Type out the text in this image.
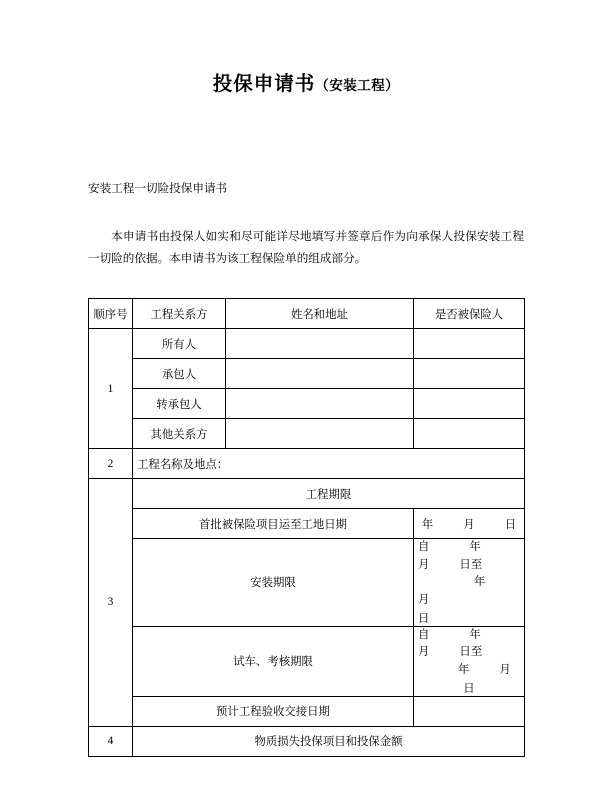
投保申请书（安装工程）
安装工程一切险投保申请书

本申请书由投保人如实和尽可能详尽地填写并签章后作为向承保人投保安装工程一切险的依据。本申请书为该工程保险单的组成部分。

顺序号	工程关系方	姓名和地址	是否被保险人
1	所有人		
	承包人		
	转承包人		
	其他关系方		
2	工程名称及地点：		
3	工程期限		
	首批被保险项目运至工地日期		年 月 日

	安装期限		自 年月 日至年月
日

	试车、考核期限		自 年月 日至年 月
日

	预计工程验收交接日期		
4	物质损失投保项目和投保金额		
